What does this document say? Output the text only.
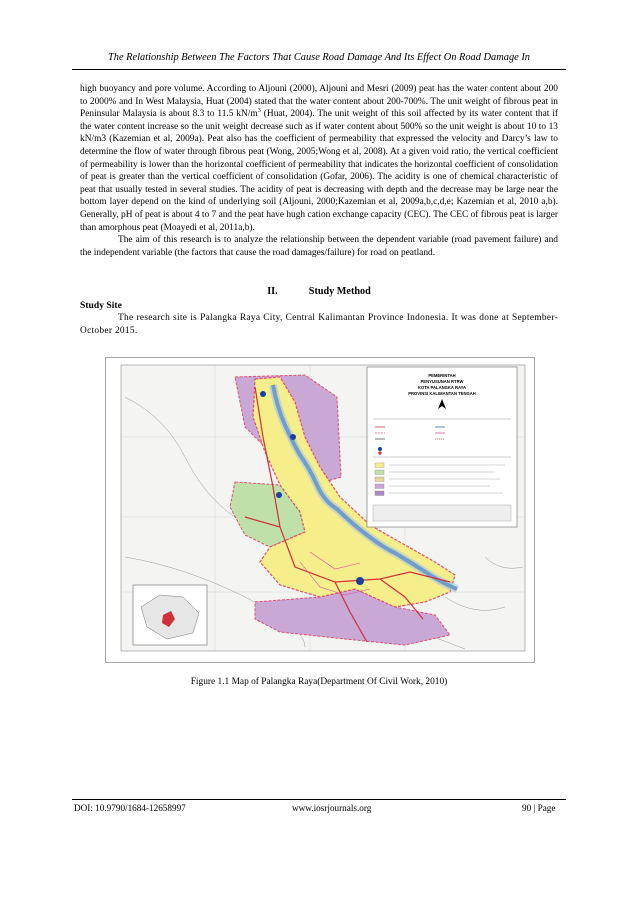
The Relationship Between The Factors That Cause Road Damage And Its Effect On Road Damage In

high buoyancy and pore volume. According to Aljouni (2000), Aljouni and Mesri (2009) peat has the water content about 200 to 2000% and In West Malaysia, Huat (2004) stated that the water content about 200-700%. The unit weight of fibrous peat in Peninsular Malaysia is about 8.3 to 11.5 $kN/m^3$ (Huat, 2004). The unit weight of this soil affected by its water content that if the water content increase so the unit weight decrease such as if water content about 500% so the unit weight is about 10 to 13 kN/m3 (Kazemian et al, 2009a). Peat also has the coefficient of permeability that expressed the velocity and Darcy’s law to determine the flow of water through fibrous peat (Wong, 2005;Wong et al, 2008). At a given void ratio, the vertical coefficient of permeability is lower than the horizontal coefficient of permeability that indicates the horizontal coefficient of consolidation of peat is greater than the vertical coefficient of consolidation (Gofar, 2006). The acidity is one of chemical characteristic of peat that usually tested in several studies. The acidity of peat is decreasing with depth and the decrease may be large near the bottom layer depend on the kind of underlying soil (Aljouni, 2000;Kazemian et al, 2009a,b,c,d,e; Kazemian et al, 2010 a,b). Generally, pH of peat is about 4 to 7 and the peat have hugh cation exchange capacity (CEC). The CEC of fibrous peat is larger than amorphous peat (Moayedi et al, 2011a,b).

The aim of this research is to analyze the relationship between the dependent variable (road pavement failure) and the independent variable (the factors that cause the road damages/failure) for road on peatland.

II.	Study Method
Study Site
The research site is Palangka Raya City, Central Kalimantan Province Indonesia. It was done at September-October 2015.
PEMERINTAH
PENYUSUNAN RTRW
KOTA PALANGKA RAYA
PROVINSI KALIMANTAN TENGAH
Figure 1.1 Map of Palangka Raya(Department Of Civil Work, 2010)
DOI: 10.9790/1684-12658997	www.iosrjournals.org	90 | Page
